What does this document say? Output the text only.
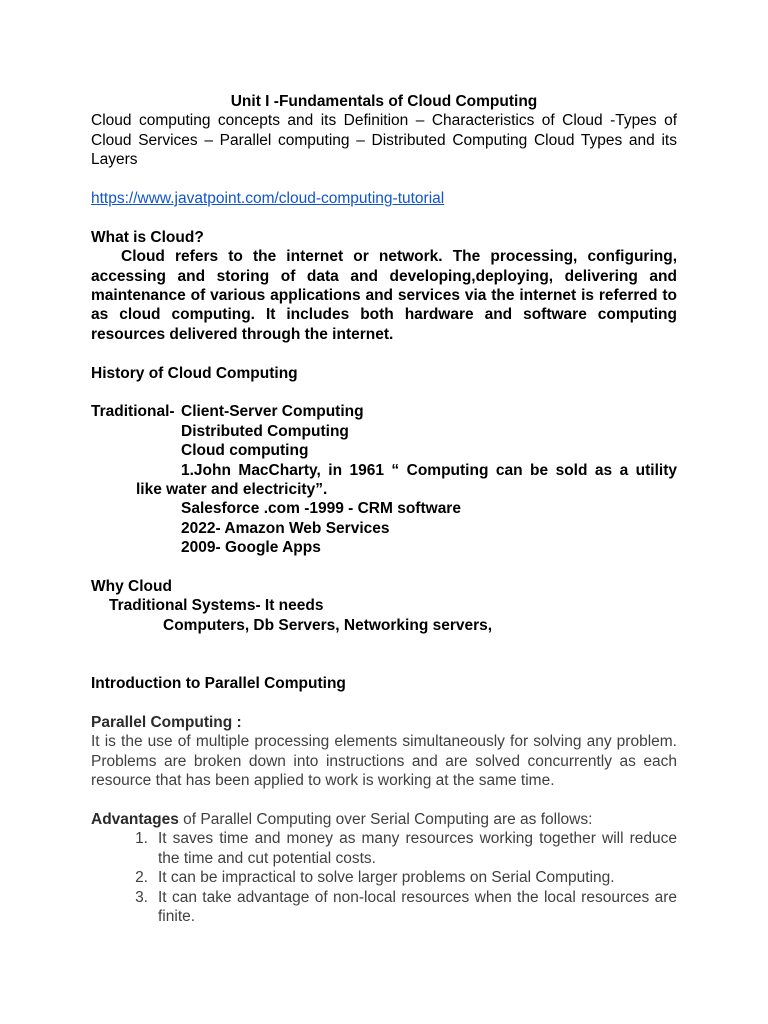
Unit I -Fundamentals of Cloud Computing

Cloud computing concepts and its Definition – Characteristics of Cloud -Types of Cloud Services – Parallel computing – Distributed Computing Cloud Types and its Layers

https://www.javatpoint.com/cloud-computing-tutorial

What is Cloud?

Cloud refers to the internet or network. The processing, configuring, accessing and storing of data and developing,deploying, delivering and maintenance of various applications and services via the internet is referred to as cloud computing. It includes both hardware and software computing resources delivered through the internet.

History of Cloud Computing

Traditional- Client-Server Computing

Distributed Computing

Cloud computing

1.John MacCharty, in 1961 “ Computing can be sold as a utility

like water and electricity”.

Salesforce .com -1999 - CRM software

2022- Amazon Web Services

2009- Google Apps

Why Cloud

Traditional Systems- It needs

Computers, Db Servers, Networking servers,

Introduction to Parallel Computing

Parallel Computing :

It is the use of multiple processing elements simultaneously for solving any problem. Problems are broken down into instructions and are solved concurrently as each resource that has been applied to work is working at the same time.

Advantages of Parallel Computing over Serial Computing are as follows:

1. It saves time and money as many resources working together will reduce the time and cut potential costs.
2. It can be impractical to solve larger problems on Serial Computing.
3. It can take advantage of non-local resources when the local resources are finite.
